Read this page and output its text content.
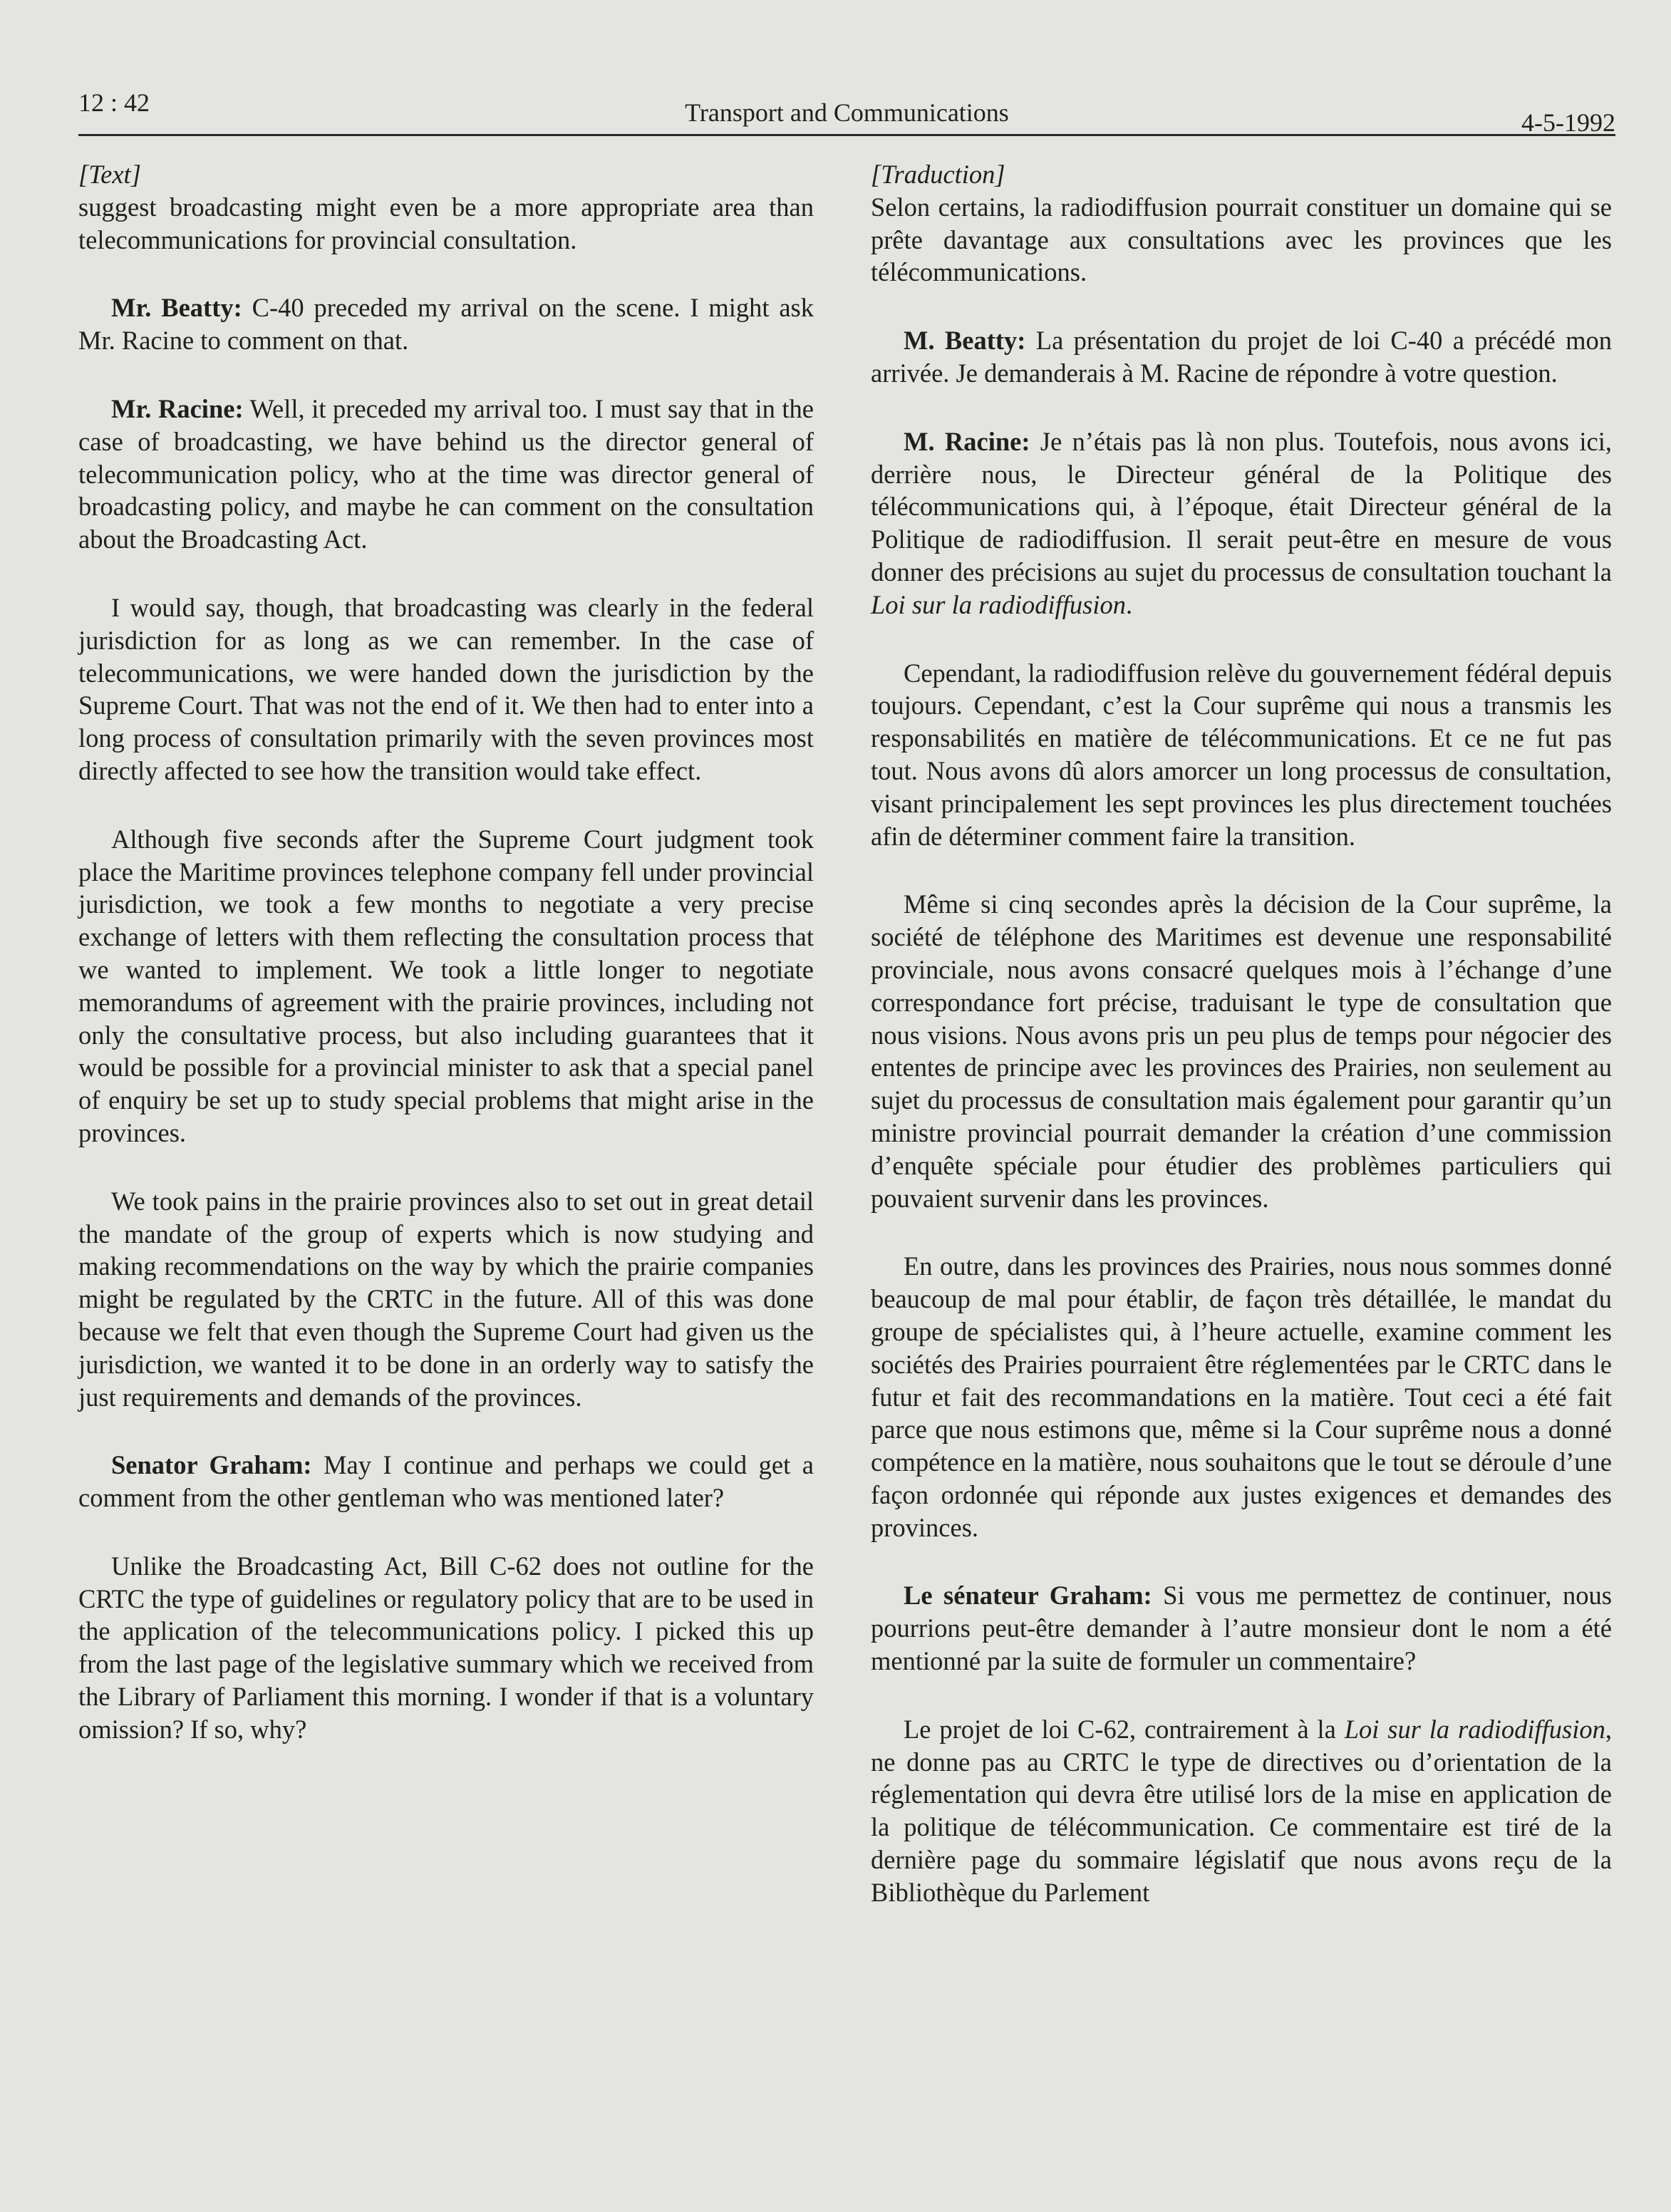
12 : 42	Transport and Communications	4-5-1992

[Text]

suggest broadcasting might even be a more appropriate area than telecommunications for provincial consultation.

Mr. Beatty: C-40 preceded my arrival on the scene. I might ask Mr. Racine to comment on that.

Mr. Racine: Well, it preceded my arrival too. I must say that in the case of broadcasting, we have behind us the director general of telecommunication policy, who at the time was director general of broadcasting policy, and maybe he can comment on the consultation about the Broadcasting Act.

I would say, though, that broadcasting was clearly in the federal jurisdiction for as long as we can remember. In the case of telecommunications, we were handed down the jurisdiction by the Supreme Court. That was not the end of it. We then had to enter into a long process of consultation primarily with the seven provinces most directly affected to see how the transition would take effect.

Although five seconds after the Supreme Court judgment took place the Maritime provinces telephone company fell under provincial jurisdiction, we took a few months to negotiate a very precise exchange of letters with them reflecting the consultation process that we wanted to implement. We took a little longer to negotiate memorandums of agreement with the prairie provinces, including not only the consultative process, but also including guarantees that it would be possible for a provincial minister to ask that a special panel of enquiry be set up to study special problems that might arise in the provinces.

We took pains in the prairie provinces also to set out in great detail the mandate of the group of experts which is now studying and making recommendations on the way by which the prairie companies might be regulated by the CRTC in the future. All of this was done because we felt that even though the Supreme Court had given us the jurisdiction, we wanted it to be done in an orderly way to satisfy the just requirements and demands of the provinces.

Senator Graham: May I continue and perhaps we could get a comment from the other gentleman who was mentioned later?

Unlike the Broadcasting Act, Bill C-62 does not outline for the CRTC the type of guidelines or regulatory policy that are to be used in the application of the telecommunications policy. I picked this up from the last page of the legislative summary which we received from the Library of Parliament this morning. I wonder if that is a voluntary omission? If so, why?

[Traduction]

Selon certains, la radiodiffusion pourrait constituer un domaine qui se prête davantage aux consultations avec les provinces que les télécommunications.

M. Beatty: La présentation du projet de loi C-40 a précédé mon arrivée. Je demanderais à M. Racine de répondre à votre question.

M. Racine: Je n’étais pas là non plus. Toutefois, nous avons ici, derrière nous, le Directeur général de la Politique des télécommunications qui, à l’époque, était Directeur général de la Politique de radiodiffusion. Il serait peut-être en mesure de vous donner des précisions au sujet du processus de consultation touchant la Loi sur la radiodiffusion.

Cependant, la radiodiffusion relève du gouvernement fédéral depuis toujours. Cependant, c’est la Cour suprême qui nous a transmis les responsabilités en matière de télécommunications. Et ce ne fut pas tout. Nous avons dû alors amorcer un long processus de consultation, visant principalement les sept provinces les plus directement touchées afin de déterminer comment faire la transition.

Même si cinq secondes après la décision de la Cour suprême, la société de téléphone des Maritimes est devenue une responsabilité provinciale, nous avons consacré quelques mois à l’échange d’une correspondance fort précise, traduisant le type de consultation que nous visions. Nous avons pris un peu plus de temps pour négocier des ententes de principe avec les provinces des Prairies, non seulement au sujet du processus de consultation mais également pour garantir qu’un ministre provincial pourrait demander la création d’une commission d’enquête spéciale pour étudier des problèmes particuliers qui pouvaient survenir dans les provinces.

En outre, dans les provinces des Prairies, nous nous sommes donné beaucoup de mal pour établir, de façon très détaillée, le mandat du groupe de spécialistes qui, à l’heure actuelle, examine comment les sociétés des Prairies pourraient être réglementées par le CRTC dans le futur et fait des recommandations en la matière. Tout ceci a été fait parce que nous estimons que, même si la Cour suprême nous a donné compétence en la matière, nous souhaitons que le tout se déroule d’une façon ordonnée qui réponde aux justes exigences et demandes des provinces.

Le sénateur Graham: Si vous me permettez de continuer, nous pourrions peut-être demander à l’autre monsieur dont le nom a été mentionné par la suite de formuler un commentaire?

Le projet de loi C-62, contrairement à la Loi sur la radiodiffusion, ne donne pas au CRTC le type de directives ou d’orientation de la réglementation qui devra être utilisé lors de la mise en application de la politique de télécommunication. Ce commentaire est tiré de la dernière page du sommaire législatif que nous avons reçu de la Bibliothèque du Parlement
